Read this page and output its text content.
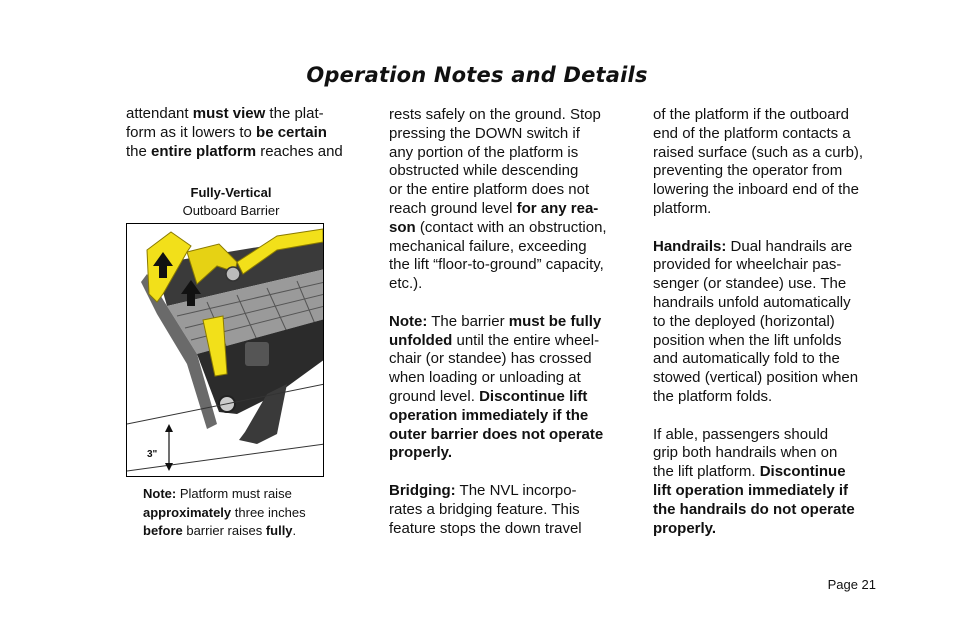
Operation Notes and Details

attendant must view the plat-
form as it lowers to be certain
the entire platform reaches and

Fully-Vertical
Outboard Barrier
3"
Note: Platform must raise
approximately three inches
before barrier raises fully.

rests safely on the ground. Stop
pressing the DOWN switch if
any portion of the platform is
obstructed while descending
or the entire platform does not
reach ground level for any rea-
son (contact with an obstruction,
mechanical failure, exceeding
the lift “floor-to-ground” capacity,
etc.).

Note: The barrier must be fully
unfolded until the entire wheel-
chair (or standee) has crossed
when loading or unloading at
ground level. Discontinue lift
operation immediately if the
outer barrier does not operate
properly.

Bridging: The NVL incorpo-
rates a bridging feature. This
feature stops the down travel

of the platform if the outboard
end of the platform contacts a
raised surface (such as a curb),
preventing the operator from
lowering the inboard end of the
platform.

Handrails: Dual handrails are
provided for wheelchair pas-
senger (or standee) use. The
handrails unfold automatically
to the deployed (horizontal)
position when the lift unfolds
and automatically fold to the
stowed (vertical) position when
the platform folds.

If able, passengers should
grip both handrails when on
the lift platform. Discontinue
lift operation immediately if
the handrails do not operate
properly.

Page 21
